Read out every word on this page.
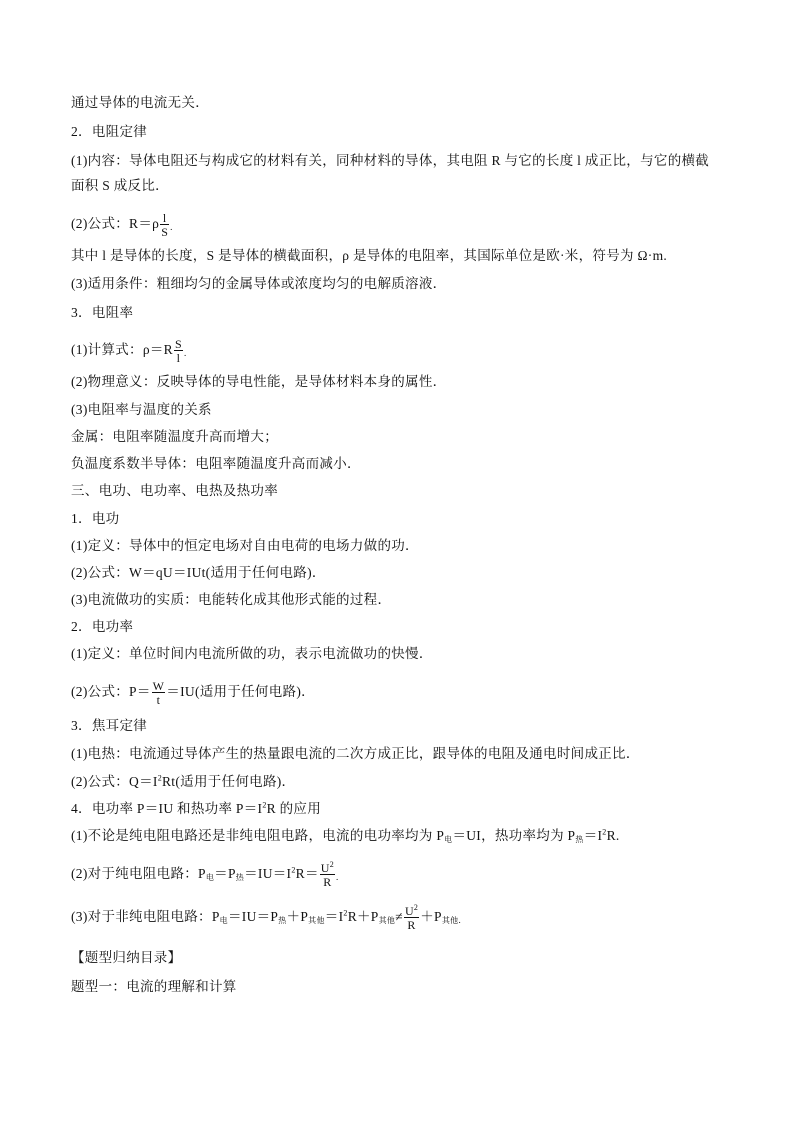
通过导体的电流无关．
2．电阻定律
(1)内容：导体电阻还与构成它的材料有关，同种材料的导体，其电阻 R 与它的长度 l 成正比，与它的横截
面积 S 成反比．
(2)公式：$R=\rho \frac{l}{S}$ .
其中 l 是导体的长度，S 是导体的横截面积，ρ 是导体的电阻率，其国际单位是欧·米，符号为 Ω·m.
(3)适用条件：粗细均匀的金属导体或浓度均匀的电解质溶液．
3．电阻率
(1)计算式：$\rho=R \frac{S}{l}$ .
(2)物理意义：反映导体的导电性能，是导体材料本身的属性．
(3)电阻率与温度的关系
金属：电阻率随温度升高而增大；
负温度系数半导体：电阻率随温度升高而减小．
三、电功、电功率、电热及热功率
1．电功
(1)定义：导体中的恒定电场对自由电荷的电场力做的功．
(2)公式：W＝qU＝IUt(适用于任何电路)．
(3)电流做功的实质：电能转化成其他形式能的过程．
2．电功率
(1)定义：单位时间内电流所做的功，表示电流做功的快慢．
(2)公式：$P= \frac{W}{t} =IU$(适用于任何电路)．
3．焦耳定律
(1)电热：电流通过导体产生的热量跟电流的二次方成正比，跟导体的电阻及通电时间成正比．
(2)公式：$Q=I^2Rt$(适用于任何电路)．
4．电功率 P＝IU 和热功率 $P=I^2R$ 的应用
(1)不论是纯电阻电路还是非纯电阻电路，电流的电功率均为 $P_电=UI$，热功率均为 $P_热=I^2R$.
(2)对于纯电阻电路：$P_电=P_热=IU=I^2R= \frac{U^2}{R}$ .
(3)对于非纯电阻电路：$P_电=IU=P_热+P_{其他}=I^2R+P_{其他}\ne \frac{U^2}{R} +P_{其他}$.
【题型归纳目录】
题型一：电流的理解和计算
